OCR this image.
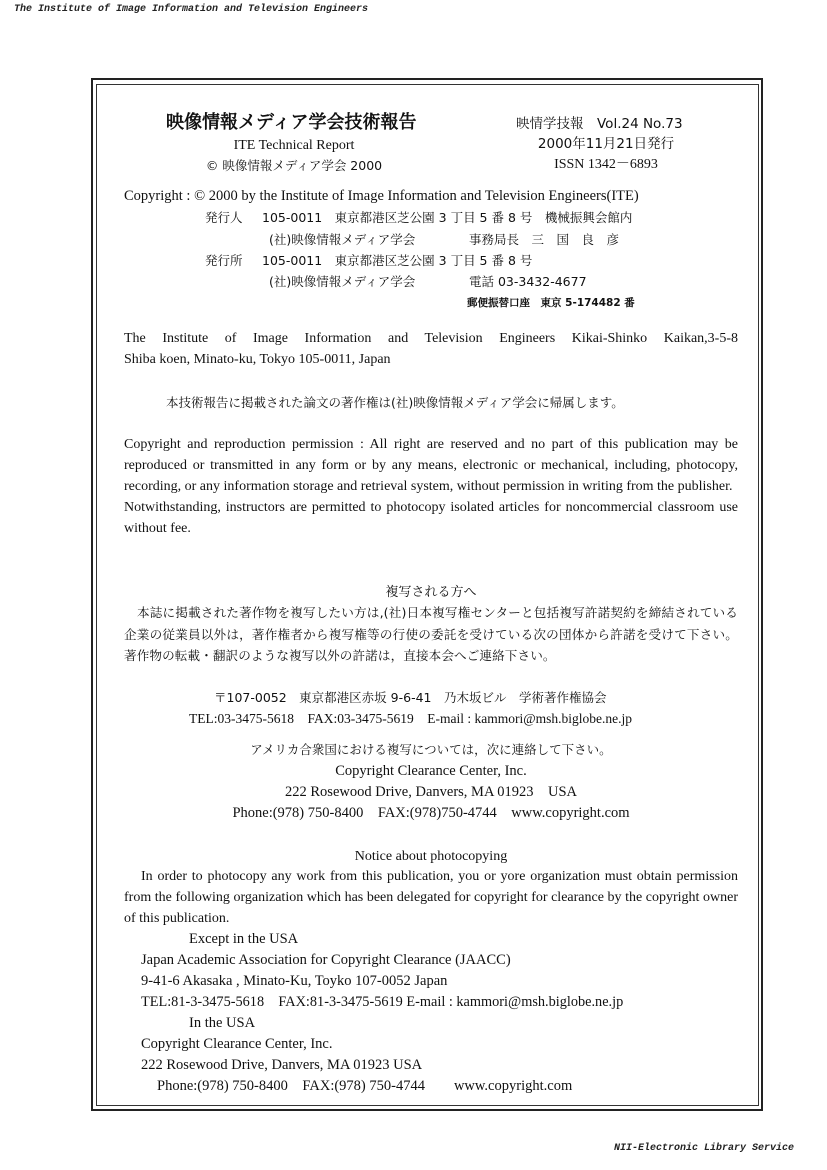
The Institute of Image Information and Television Engineers
映像情報メディア学会技術報告
ITE Technical Report
© 映像情報メディア学会 2000
映情学技報　Vol.24 No.73
2000年11月21日発行
ISSN 1342－6893
Copyright : © 2000 by the Institute of Image Information and Television Engineers(ITE)
発行人 105-0011　東京都港区芝公園 3 丁目 5 番 8 号　機械振興会館内
(社)映像情報メディア学会	事務局長　三　国　良　彦
発行所 105-0011　東京都港区芝公園 3 丁目 5 番 8 号
(社)映像情報メディア学会	電話 03-3432-4677
郵便振替口座　東京 5-174482 番
The Institute of Image Information and Television Engineers Kikai-Shinko Kaikan,3-5-8
Shiba koen, Minato-ku, Tokyo 105-0011, Japan
本技術報告に掲載された論文の著作権は(社)映像情報メディア学会に帰属します。

Copyright and reproduction permission : All right are reserved and no part of this publication may be reproduced or transmitted in any form or by any means, electronic or mechanical, including, photocopy, recording, or any information storage and retrieval system, without permission in writing from the publisher.

Notwithstanding, instructors are permitted to photocopy isolated articles for noncommercial classroom use without fee.

複写される方へ
本誌に掲載された著作物を複写したい方は,(社)日本複写権センターと包括複写許諾契約を締結されている企業の従業員以外は，著作権者から複写権等の行使の委託を受けている次の団体から許諾を受けて下さい。著作物の転載・翻訳のような複写以外の許諾は，直接本会へご連絡下さい。
〒107-0052　東京都港区赤坂 9-6-41　乃木坂ビル　学術著作権協会
TEL:03-3475-5618　FAX:03-3475-5619　E-mail : kammori@msh.biglobe.ne.jp
アメリカ合衆国における複写については，次に連絡して下さい。
Copyright Clearance Center, Inc.
222 Rosewood Drive, Danvers, MA 01923　USA
Phone:(978) 750-8400　FAX:(978)750-4744　www.copyright.com
Notice about photocopying
In order to photocopy any work from this publication, you or yore organization must obtain permission from the following organization which has been delegated for copyright for clearance by the copyright owner of this publication.
Except in the USA
Japan Academic Association for Copyright Clearance (JAACC)
9-41-6 Akasaka , Minato-Ku, Toyko 107-0052 Japan
TEL:81-3-3475-5618　FAX:81-3-3475-5619 E-mail : kammori@msh.biglobe.ne.jp
In the USA
Copyright Clearance Center, Inc.
222 Rosewood Drive, Danvers, MA 01923 USA
Phone:(978) 750-8400　FAX:(978) 750-4744　　www.copyright.com
NII-Electronic Library Service
